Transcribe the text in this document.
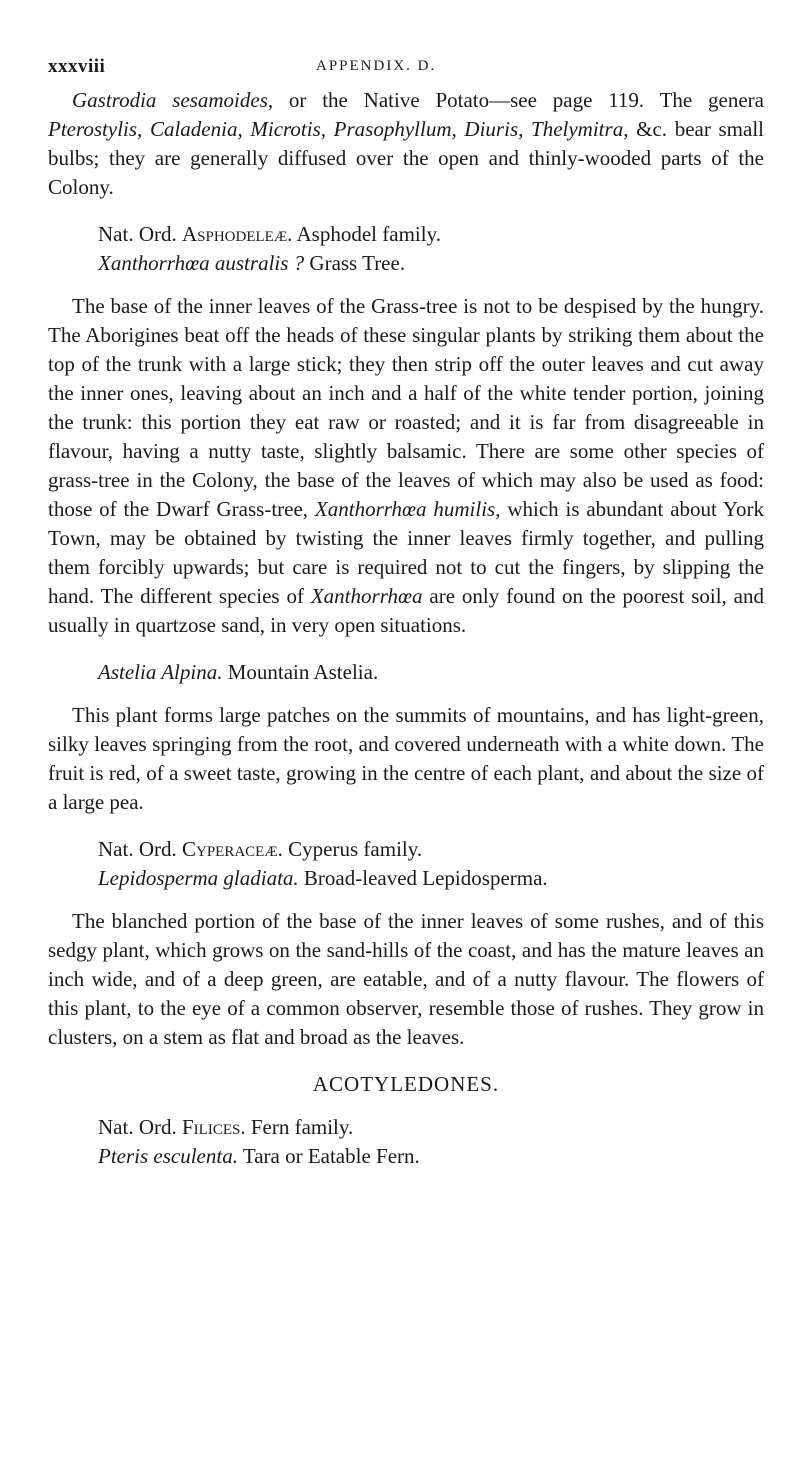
xxxviii	APPENDIX. D.

Gastrodia sesamoides, or the Native Potato—see page 119. The genera Pterostylis, Caladenia, Microtis, Prasophyllum, Diuris, Thelymitra, &c. bear small bulbs; they are generally diffused over the open and thinly-wooded parts of the Colony.

Nat. Ord. Asphodeleæ. Asphodel family.
Xanthorrhœa australis ? Grass Tree.

The base of the inner leaves of the Grass-tree is not to be despised by the hungry. The Aborigines beat off the heads of these singular plants by striking them about the top of the trunk with a large stick; they then strip off the outer leaves and cut away the inner ones, leaving about an inch and a half of the white tender portion, joining the trunk: this portion they eat raw or roasted; and it is far from disagreeable in flavour, having a nutty taste, slightly balsamic. There are some other species of grass-tree in the Colony, the base of the leaves of which may also be used as food: those of the Dwarf Grass-tree, Xanthorrhœa humilis, which is abundant about York Town, may be obtained by twisting the inner leaves firmly together, and pulling them forcibly upwards; but care is required not to cut the fingers, by slipping the hand. The different species of Xanthorrhœa are only found on the poorest soil, and usually in quartzose sand, in very open situations.

Astelia Alpina. Mountain Astelia.

This plant forms large patches on the summits of mountains, and has light-green, silky leaves springing from the root, and covered underneath with a white down. The fruit is red, of a sweet taste, growing in the centre of each plant, and about the size of a large pea.

Nat. Ord. Cyperaceæ. Cyperus family.
Lepidosperma gladiata. Broad-leaved Lepidosperma.

The blanched portion of the base of the inner leaves of some rushes, and of this sedgy plant, which grows on the sand-hills of the coast, and has the mature leaves an inch wide, and of a deep green, are eatable, and of a nutty flavour. The flowers of this plant, to the eye of a common observer, resemble those of rushes. They grow in clusters, on a stem as flat and broad as the leaves.

ACOTYLEDONES.
Nat. Ord. Filices. Fern family.
Pteris esculenta. Tara or Eatable Fern.
